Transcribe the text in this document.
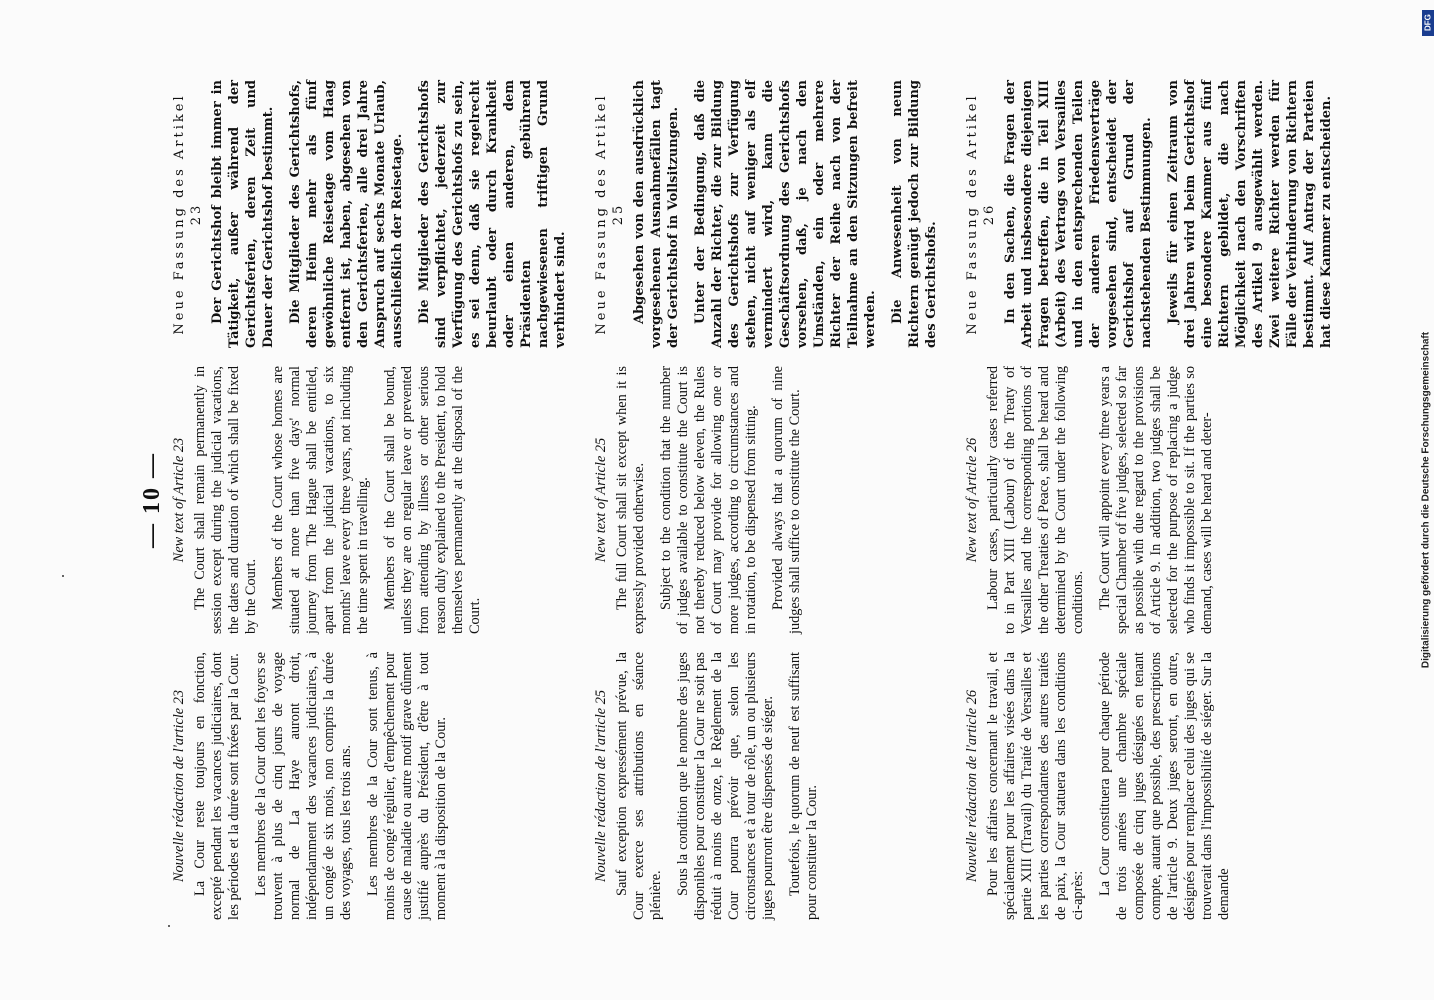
— 10 —
Nouvelle rédaction de l'article 23 La Cour reste toujours en fonction, excepté pendant les vacances judiciaires, dont les périodes et la durée sont fixées par la Cour. Les membres de la Cour dont les foyers se trouvent à plus de cinq jours de voyage normal de La Haye auront droit, indépendamment des vacances judiciaires, à un congé de six mois, non compris la durée des voyages, tous les trois ans. Les membres de la Cour sont tenus, à moins de congé régulier, d'empêchement pour cause de maladie ou autre motif grave dûment justifié auprès du Président, d'être à tout moment à la disposition de la Cour.

New text of Article 23 The Court shall remain permanently in session except during the judicial vacations, the dates and duration of which shall be fixed by the Court. Members of the Court whose homes are situated at more than five days' normal journey from The Hague shall be entitled, apart from the judicial vacations, to six months' leave every three years, not including the time spent in travelling. Members of the Court shall be bound, unless they are on regular leave or prevented from attending by illness or other serious reason duly explained to the President, to hold themselves permanently at the disposal of the Court.

Neue Fassung des Artikel 23 Der Gerichtshof bleibt immer in Tätigkeit, außer während der Gerichtsferien, deren Zeit und Dauer der Gerichtshof bestimmt. Die Mitglieder des Gerichtshofs, deren Heim mehr als fünf gewöhnliche Reisetage vom Haag entfernt ist, haben, abgesehen von den Gerichtsferien, alle drei Jahre Anspruch auf sechs Monate Urlaub, ausschließlich der Reisetage. Die Mitglieder des Gerichtshofs sind verpflichtet, jederzeit zur Verfügung des Gerichtshofs zu sein, es sei denn, daß sie regelrecht beurlaubt oder durch Krankheit oder einen anderen, dem Präsidenten gebührend nachgewiesenen triftigen Grund verhindert sind.

Nouvelle rédaction de l'article 25 Sauf exception expressément prévue, la Cour exerce ses attributions en séance plénière. Sous la condition que le nombre des juges disponibles pour constituer la Cour ne soit pas réduit à moins de onze, le Règlement de la Cour pourra prévoir que, selon les circonstances et à tour de rôle, un ou plusieurs juges pourront être dispensés de siéger. Toutefois, le quorum de neuf est suffisant pour constituer la Cour.

New text of Article 25 The full Court shall sit except when it is expressly provided otherwise. Subject to the condition that the number of judges available to constitute the Court is not thereby reduced below eleven, the Rules of Court may provide for allowing one or more judges, according to circumstances and in rotation, to be dispensed from sitting. Provided always that a quorum of nine judges shall suffice to constitute the Court.

Neue Fassung des Artikel 25 Abgesehen von den ausdrücklich vorgesehenen Ausnahmefällen tagt der Gerichtshof in Vollsitzungen. Unter der Bedingung, daß die Anzahl der Richter, die zur Bildung des Gerichtshofs zur Verfügung stehen, nicht auf weniger als elf vermindert wird, kann die Geschäftsordnung des Gerichtshofs vorsehen, daß, je nach den Umständen, ein oder mehrere Richter der Reihe nach von der Teilnahme an den Sitzungen befreit werden. Die Anwesenheit von neun Richtern genügt jedoch zur Bildung des Gerichtshofs.

Nouvelle rédaction de l'article 26 Pour les affaires concernant le travail, et spécialement pour les affaires visées dans la partie XIII (Travail) du Traité de Versailles et les parties correspondantes des autres traités de paix, la Cour statuera dans les conditions ci-après: La Cour constituera pour chaque période de trois années une chambre spéciale composée de cinq juges désignés en tenant compte, autant que possible, des prescriptions de l'article 9. Deux juges seront, en outre, désignés pour remplacer celui des juges qui se trouverait dans l'impossibilité de siéger. Sur la demande

New text of Article 26 Labour cases, particularly cases referred to in Part XIII (Labour) of the Treaty of Versailles and the corresponding portions of the other Treaties of Peace, shall be heard and determined by the Court under the following conditions. The Court will appoint every three years a special Chamber of five judges, selected so far as possible with due regard to the provisions of Article 9. In addition, two judges shall be selected for the purpose of replacing a judge who finds it impossible to sit. If the parties so demand, cases will be heard and deter-

Neue Fassung des Artikel 26 In den Sachen, die Fragen der Arbeit und insbesondere diejenigen Fragen betreffen, die in Teil XIII (Arbeit) des Vertrags von Versailles und in den entsprechenden Teilen der anderen Friedensverträge vorgesehen sind, entscheidet der Gerichtshof auf Grund der nachstehenden Bestimmungen. Jeweils für einen Zeitraum von drei Jahren wird beim Gerichtshof eine besondere Kammer aus fünf Richtern gebildet, die nach Möglichkeit nach den Vorschriften des Artikel 9 ausgewählt werden. Zwei weitere Richter werden für Fälle der Verhinderung von Richtern bestimmt. Auf Antrag der Parteien hat diese Kammer zu entscheiden.

DFG
Digitalisierung gefördert durch die Deutsche Forschungsgemeinschaft
